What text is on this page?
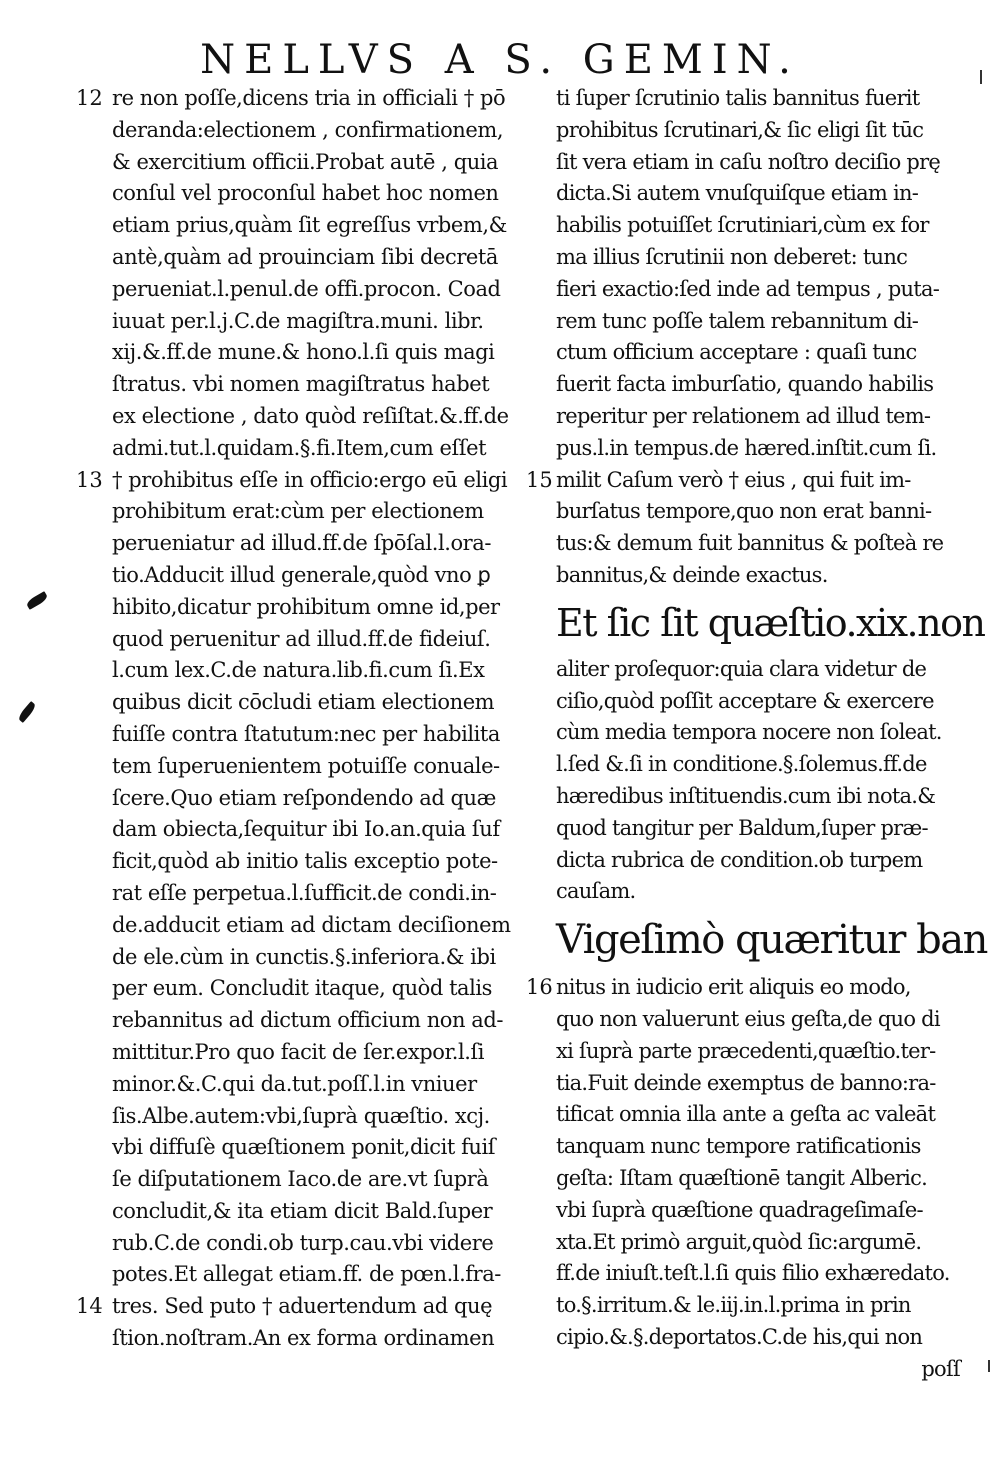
NELLVS A S. GEMIN.
12 re non poſſe,dicens tria in officiali † pō
deranda:electionem , confirmationem,
& exercitium officii.Probat autē , quia
conſul vel proconſul habet hoc nomen
etiam prius,quàm ſit egreſſus vrbem,&
antè,quàm ad prouinciam ſibi decretā
perueniat.l.penul.de offi.procon. Coad
iuuat per.l.j.C.de magiſtra.muni. libr.
xij.&.ff.de mune.& hono.l.ſi quis magi
ſtratus. vbi nomen magiſtratus habet
ex electione , dato quòd reſiſtat.&.ff.de
admi.tut.l.quidam.§.fi.Item,cum eſſet
13 † prohibitus eſſe in officio:ergo eū eligi
prohibitum erat:cùm per electionem
perueniatur ad illud.ff.de ſpōſal.l.ora-
tio.Adducit illud generale,quòd vno ꝑ
hibito,dicatur prohibitum omne id,per
quod peruenitur ad illud.ff.de fideiuſ.
l.cum lex.C.de natura.lib.fi.cum ſi.Ex
quibus dicit cōcludi etiam electionem
fuiſſe contra ſtatutum:nec per habilita
tem ſuperuenientem potuiſſe conuale-
ſcere.Quo etiam reſpondendo ad quæ
dam obiecta,ſequitur ibi Io.an.quia ſuf
ficit,quòd ab initio talis exceptio pote-
rat eſſe perpetua.l.ſufficit.de condi.in-
de.adducit etiam ad dictam deciſionem
de ele.cùm in cunctis.§.inferiora.& ibi
per eum. Concludit itaque, quòd talis
rebannitus ad dictum officium non ad-
mittitur.Pro quo facit de ſer.expor.l.ſi
minor.&.C.qui da.tut.poſſ.l.in vniuer
ſis.Albe.autem:vbi,ſuprà quæſtio. xcj.
vbi diffuſè quæſtionem ponit,dicit fuiſ
ſe diſputationem Iaco.de are.vt ſuprà
concludit,& ita etiam dicit Bald.ſuper
rub.C.de condi.ob turp.cau.vbi videre
potes.Et allegat etiam.ff. de pœn.l.fra-
14 tres. Sed puto † aduertendum ad quę
ſtion.noſtram.An ex forma ordinamen
ti ſuper ſcrutinio talis bannitus fuerit
prohibitus ſcrutinari,& ſic eligi ſit tūc
ſit vera etiam in caſu noſtro deciſio prę
dicta.Si autem vnuſquiſque etiam in-
habilis potuiſſet ſcrutiniari,cùm ex for
ma illius ſcrutinii non deberet: tunc
fieri exactio:ſed inde ad tempus , puta-
rem tunc poſſe talem rebannitum di-
ctum officium acceptare : quaſi tunc
fuerit facta imburſatio, quando habilis
reperitur per relationem ad illud tem-
pus.l.in tempus.de hæred.inſtit.cum ſi.
15 milit Caſum verò † eius , qui fuit im-
burſatus tempore,quo non erat banni-
tus:& demum fuit bannitus & poſteà re
bannitus,& deinde exactus.
Et ſic ſit quæſtio.xix.non
aliter proſequor:quia clara videtur de
ciſio,quòd poſſit acceptare & exercere
cùm media tempora nocere non ſoleat.
l.ſed &.ſi in conditione.§.ſolemus.ff.de
hæredibus inſtituendis.cum ibi nota.&
quod tangitur per Baldum,ſuper præ-
dicta rubrica de condition.ob turpem
cauſam.
Vigeſimò quæritur ban
16 nitus in iudicio erit aliquis eo modo,
quo non valuerunt eius geſta,de quo di
xi ſuprà parte præcedenti,quæſtio.ter-
tia.Fuit deinde exemptus de banno:ra-
tificat omnia illa ante a geſta ac valeāt
tanquam nunc tempore ratificationis
geſta: Iſtam quæſtionē tangit Alberic.
vbi ſuprà quæſtione quadrageſimaſe-
xta.Et primò arguit,quòd ſic:argumē.
ff.de iniuſt.teſt.l.ſi quis filio exhæredato.
to.§.irritum.& le.iij.in.l.prima in prin
cipio.&.§.deportatos.C.de his,qui non
poſſ
